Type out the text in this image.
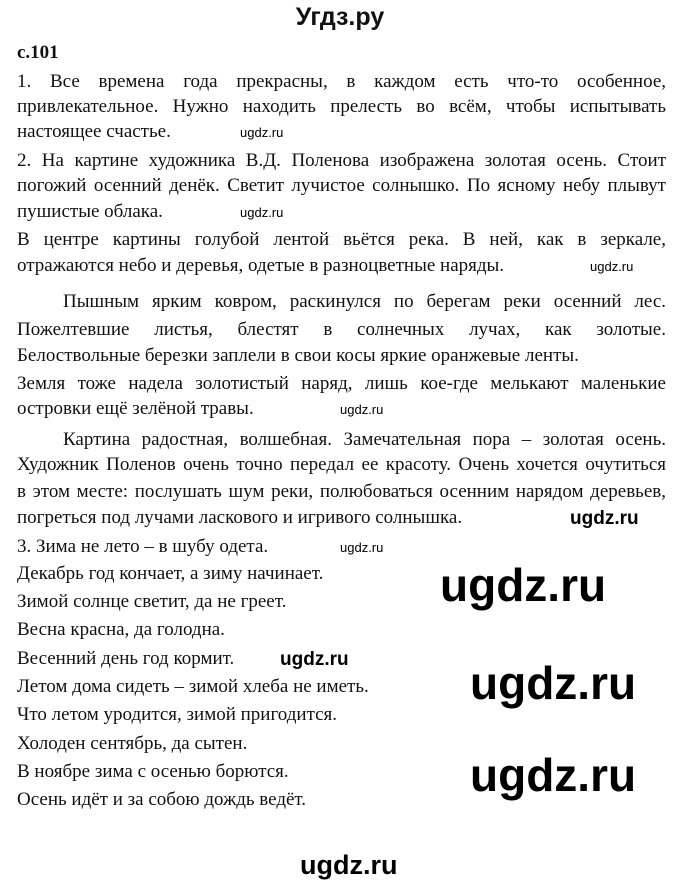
Угдз.ру
с.101
1. Все времена года прекрасны, в каждом есть что-то особенное,
привлекательное. Нужно находить прелесть во всём, чтобы испытывать
настоящее счастье.
2. На картине художника В.Д. Поленова изображена золотая осень. Стоит
погожий осенний денёк. Светит лучистое солнышко. По ясному небу плывут
пушистые облака.
В центре картины голубой лентой вьётся река. В ней, как в зеркале,
отражаются небо и деревья, одетые в разноцветные наряды.
Пышным ярким ковром, раскинулся по берегам реки осенний лес.
Пожелтевшие листья, блестят в солнечных лучах, как золотые.
Белоствольные березки заплели в свои косы яркие оранжевые ленты.
Земля тоже надела золотистый наряд, лишь кое-где мелькают маленькие
островки ещё зелёной травы.
Картина радостная, волшебная. Замечательная пора – золотая осень.
Художник Поленов очень точно передал ее красоту. Очень хочется очутиться
в этом месте: послушать шум реки, полюбоваться осенним нарядом деревьев,
погреться под лучами ласкового и игривого солнышка.
3. Зима не лето – в шубу одета.
Декабрь год кончает, а зиму начинает.
Зимой солнце светит, да не греет.
Весна красна, да голодна.
Весенний день год кормит.
Летом дома сидеть – зимой хлеба не иметь.
Что летом уродится, зимой пригодится.
Холоден сентябрь, да сытен.
В ноябре зима с осенью борются.
Осень идёт и за собою дождь ведёт.
ugdz.ru
ugdz.ru
ugdz.ru
ugdz.ru
ugdz.ru
ugdz.ru
ugdz.ru
ugdz.ru
ugdz.ru
ugdz.ru
ugdz.ru
